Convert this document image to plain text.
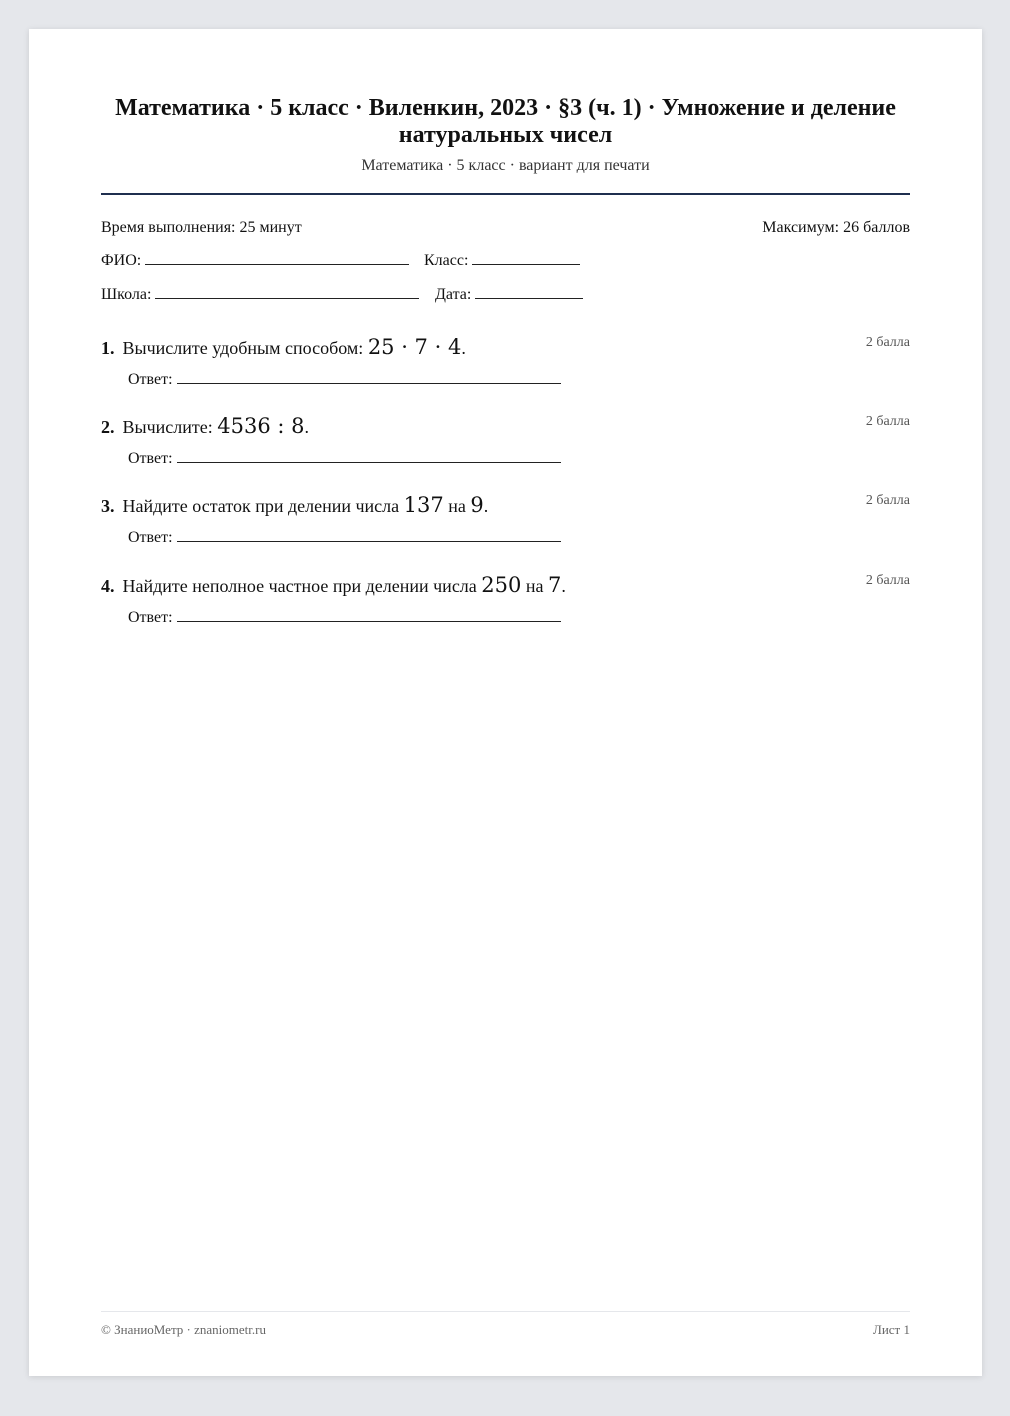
Математика · 5 класс · Виленкин, 2023 · §3 (ч. 1) · Умножение и деление натуральных чисел
Математика · 5 класс · вариант для печати
Время выполнения: 25 минут	Максимум: 26 баллов
ФИО:	Класс:
Школа:	Дата:
1. Вычислите удобным способом: 25 · 7 · 4.	2 балла
Ответ:
2. Вычислите: 4536 : 8.	2 балла
Ответ:
3. Найдите остаток при делении числа 137 на 9.	2 балла
Ответ:
4. Найдите неполное частное при делении числа 250 на 7.	2 балла
Ответ:
© ЗнаниоМетр · znaniometr.ru	Лист 1
